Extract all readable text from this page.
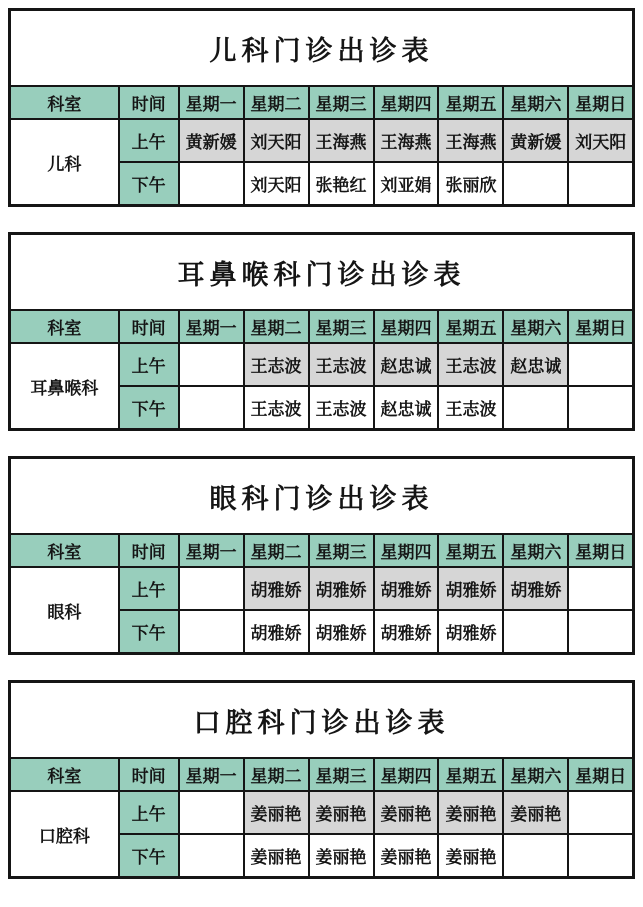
儿科门诊出诊表								
科室	时间	星期一	星期二	星期三	星期四	星期五	星期六	星期日
儿科	上午	黄新媛	刘天阳	王海燕	王海燕	王海燕	黄新媛	刘天阳
	下午		刘天阳	张艳红	刘亚娟	张丽欣		
耳鼻喉科门诊出诊表								
科室	时间	星期一	星期二	星期三	星期四	星期五	星期六	星期日
耳鼻喉科	上午		王志波	王志波	赵忠诚	王志波	赵忠诚	
	下午		王志波	王志波	赵忠诚	王志波		
眼科门诊出诊表								
科室	时间	星期一	星期二	星期三	星期四	星期五	星期六	星期日
眼科	上午		胡雅娇	胡雅娇	胡雅娇	胡雅娇	胡雅娇	
	下午		胡雅娇	胡雅娇	胡雅娇	胡雅娇		
口腔科门诊出诊表								
科室	时间	星期一	星期二	星期三	星期四	星期五	星期六	星期日
口腔科	上午		姜丽艳	姜丽艳	姜丽艳	姜丽艳	姜丽艳	
	下午		姜丽艳	姜丽艳	姜丽艳	姜丽艳		
